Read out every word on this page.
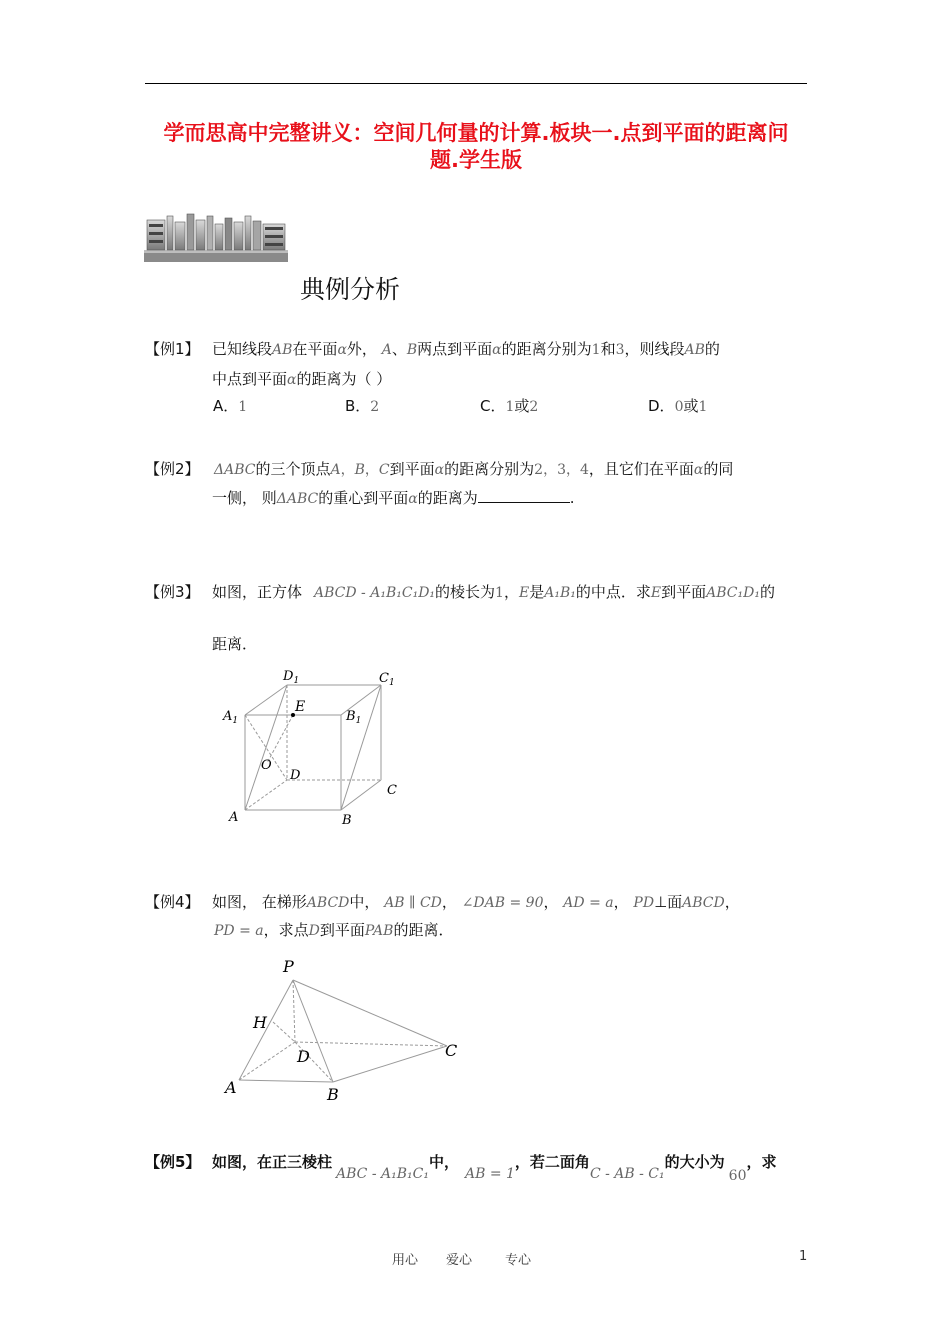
学而思高中完整讲义：空间几何量的计算.板块一.点到平面的距离问
题.学生版
典例分析
【例1】 已知线段AB在平面α外， A、B两点到平面α的距离分别为1和3，则线段AB的
中点到平面α的距离为（ ）
A．1	B．2	C．1或2	D．0或1
【例2】 ΔABC的三个顶点A，B，C到平面α的距离分别为2，3，4，且它们在平面α的同
一侧， 则ΔABC的重心到平面α的距离为	.
【例3】 如图，正方体 ABCD - A₁B₁C₁D₁的棱长为1，E是A₁B₁的中点．求E到平面ABC₁D₁的
距离．
$D_1$	$C_1$
$A_1$
E
$B_1$
O
D
C
A	B
【例4】 如图， 在梯形ABCD中， AB ∥ CD， ∠DAB = 90， AD = a， PD⊥面ABCD，
PD = a，求点D到平面PAB的距离．
P
H
D	C
A	B
【例5】 如图，在正三棱柱ABC - A₁B₁C₁中，AB = 1，若二面角C - AB - C₁的大小为60，求
用心 爱心	专心	1
